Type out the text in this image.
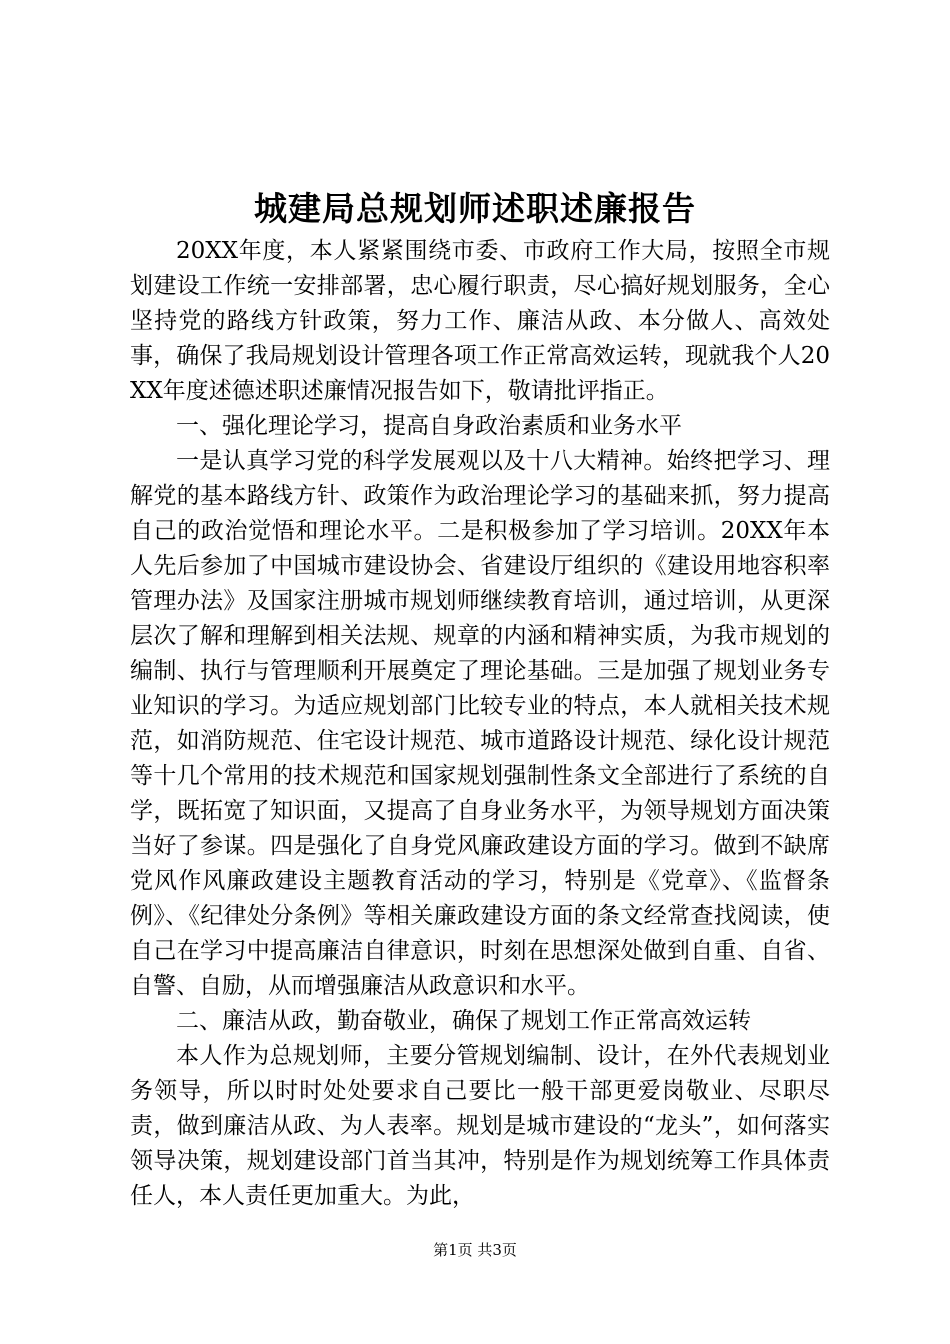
城建局总规划师述职述廉报告

20XX年度，本人紧紧围绕市委、市政府工作大局，按照全市规划建设工作统一安排部署，忠心履行职责，尽心搞好规划服务，全心坚持党的路线方针政策，努力工作、廉洁从政、本分做人、高效处事，确保了我局规划设计管理各项工作正常高效运转，现就我个人20XX年度述德述职述廉情况报告如下，敬请批评指正。

一、强化理论学习，提高自身政治素质和业务水平

一是认真学习党的科学发展观以及十八大精神。始终把学习、理解党的基本路线方针、政策作为政治理论学习的基础来抓，努力提高自己的政治觉悟和理论水平。二是积极参加了学习培训。20XX年本人先后参加了中国城市建设协会、省建设厅组织的《建设用地容积率管理办法》及国家注册城市规划师继续教育培训，通过培训，从更深层次了解和理解到相关法规、规章的内涵和精神实质，为我市规划的编制、执行与管理顺利开展奠定了理论基础。三是加强了规划业务专业知识的学习。为适应规划部门比较专业的特点，本人就相关技术规范，如消防规范、住宅设计规范、城市道路设计规范、绿化设计规范等十几个常用的技术规范和国家规划强制性条文全部进行了系统的自学，既拓宽了知识面，又提高了自身业务水平，为领导规划方面决策当好了参谋。四是强化了自身党风廉政建设方面的学习。做到不缺席党风作风廉政建设主题教育活动的学习，特别是《党章》、《监督条例》、《纪律处分条例》等相关廉政建设方面的条文经常查找阅读，使自己在学习中提高廉洁自律意识，时刻在思想深处做到自重、自省、自警、自励，从而增强廉洁从政意识和水平。

二、廉洁从政，勤奋敬业，确保了规划工作正常高效运转

本人作为总规划师，主要分管规划编制、设计，在外代表规划业务领导，所以时时处处要求自己要比一般干部更爱岗敬业、尽职尽责，做到廉洁从政、为人表率。规划是城市建设的“龙头”，如何落实领导决策，规划建设部门首当其冲，特别是作为规划统筹工作具体责任人，本人责任更加重大。为此，

第1页 共3页
